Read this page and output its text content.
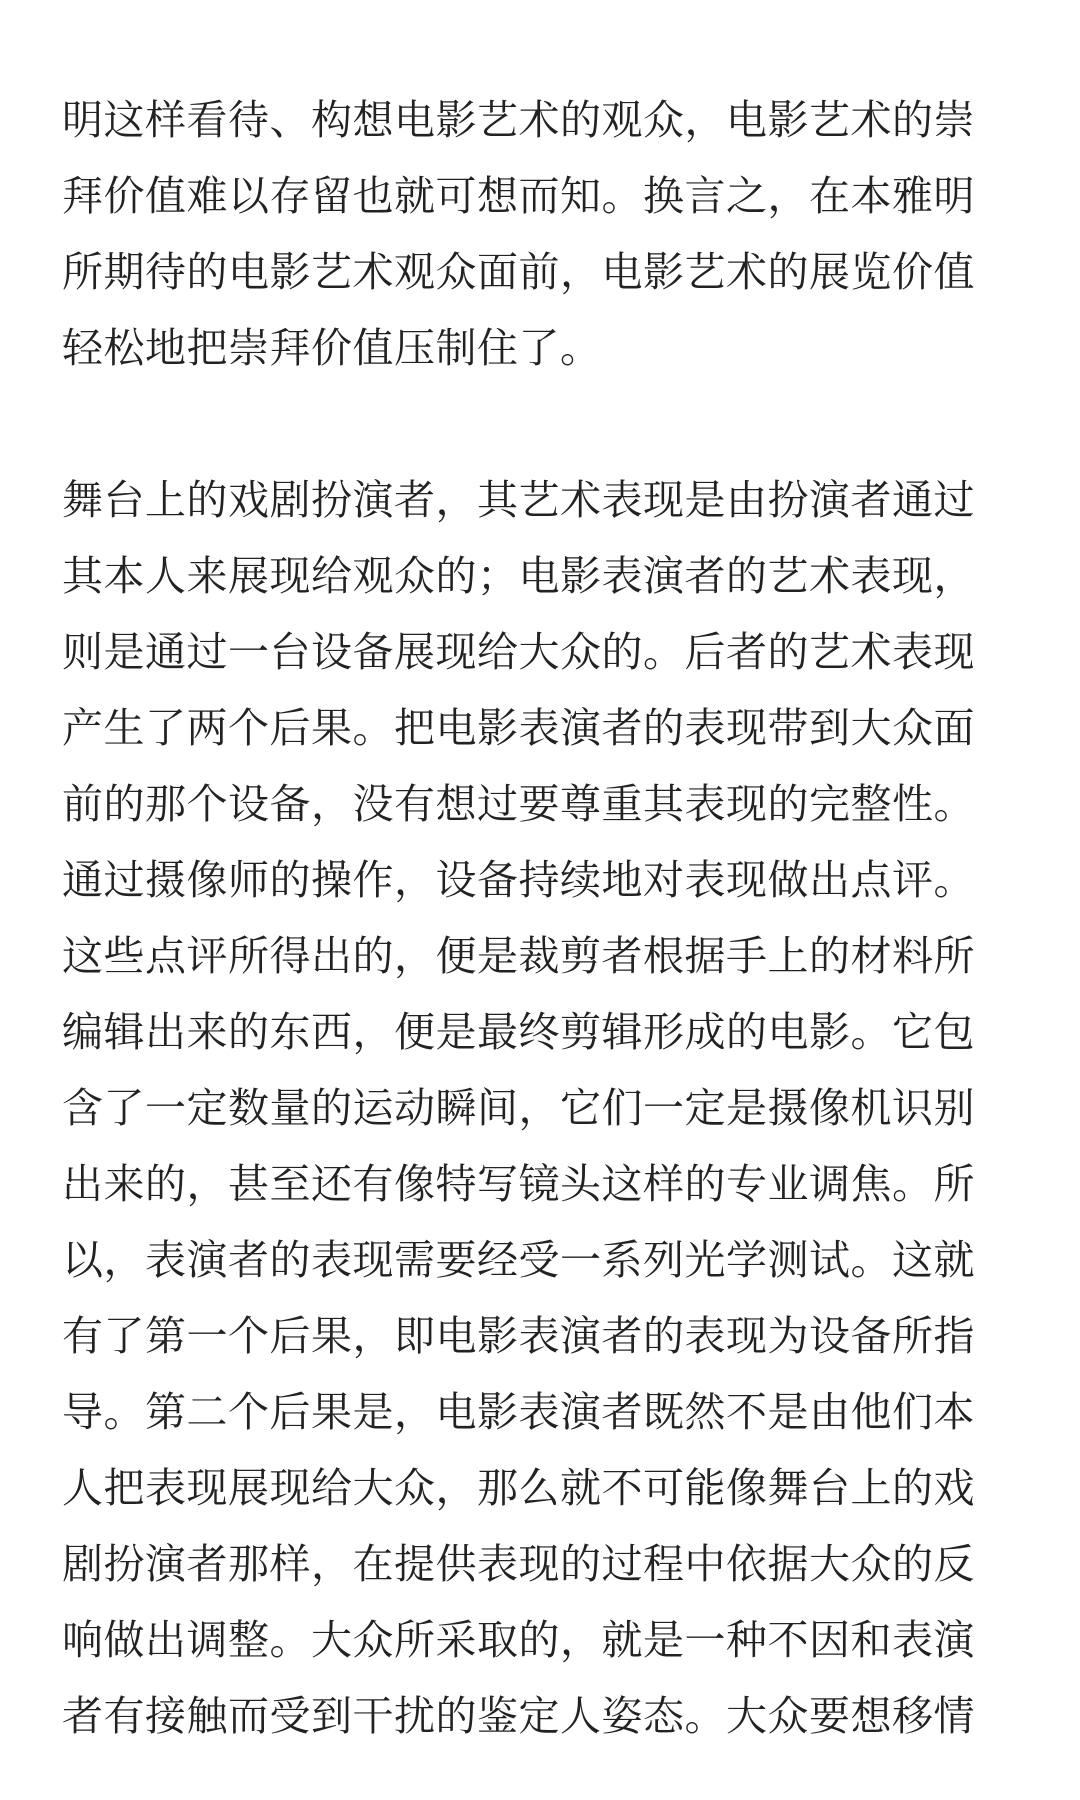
明这样看待、构想电影艺术的观众，电影艺术的崇
拜价值难以存留也就可想而知。换言之，在本雅明
所期待的电影艺术观众面前，电影艺术的展览价值
轻松地把崇拜价值压制住了。

舞台上的戏剧扮演者，其艺术表现是由扮演者通过
其本人来展现给观众的；电影表演者的艺术表现，
则是通过一台设备展现给大众的。后者的艺术表现
产生了两个后果。把电影表演者的表现带到大众面
前的那个设备，没有想过要尊重其表现的完整性。
通过摄像师的操作，设备持续地对表现做出点评。
这些点评所得出的，便是裁剪者根据手上的材料所
编辑出来的东西，便是最终剪辑形成的电影。它包
含了一定数量的运动瞬间，它们一定是摄像机识别
出来的，甚至还有像特写镜头这样的专业调焦。所
以，表演者的表现需要经受一系列光学测试。这就
有了第一个后果，即电影表演者的表现为设备所指
导。第二个后果是，电影表演者既然不是由他们本
人把表现展现给大众，那么就不可能像舞台上的戏
剧扮演者那样，在提供表现的过程中依据大众的反
响做出调整。大众所采取的，就是一种不因和表演
者有接触而受到干扰的鉴定人姿态。大众要想移情
